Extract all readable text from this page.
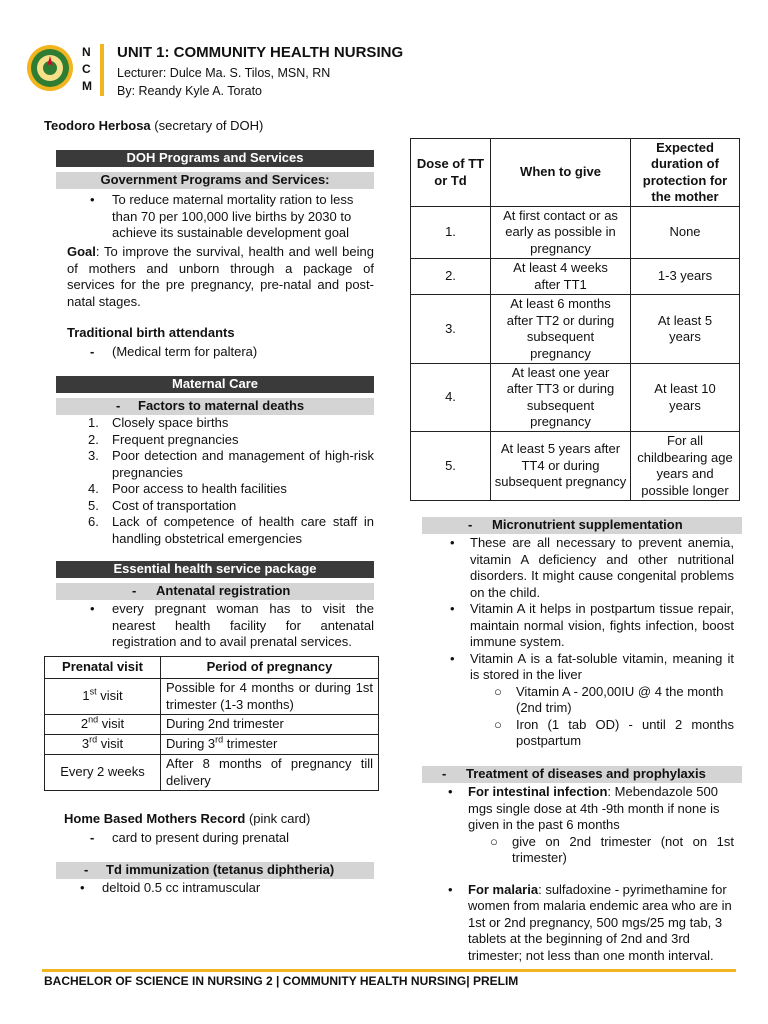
N
C
M
UNIT 1: COMMUNITY HEALTH NURSING
Lecturer: Dulce Ma. S. Tilos, MSN, RN
By: Reandy Kyle A. Torato
Teodoro Herbosa (secretary of DOH)
DOH Programs and Services
Government Programs and Services:
• To reduce maternal mortality ration to less than 70 per 100,000 live births by 2030 to achieve its sustainable development goal
Goal: To improve the survival, health and well being of mothers and unborn through a package of services for the pre pregnancy, pre-natal and post-natal stages.
Traditional birth attendants
- (Medical term for paltera)
Maternal Care
- Factors to maternal deaths
1. Closely space births
2. Frequent pregnancies
3. Poor detection and management of high-risk pregnancies
4. Poor access to health facilities
5. Cost of transportation
6. Lack of competence of health care staff in handling obstetrical emergencies
Essential health service package
- Antenatal registration
• every pregnant woman has to visit the nearest health facility for antenatal registration and to avail prenatal services.
Prenatal visit	Period of pregnancy
1st visit	Possible for 4 months or during 1st trimester (1-3 months)
2nd visit	During 2nd trimester
3rd visit	During 3rd trimester
Every 2 weeks	After 8 months of pregnancy till delivery
Home Based Mothers Record (pink card)
- card to present during prenatal
- Td immunization (tetanus diphtheria)
• deltoid 0.5 cc intramuscular
Dose of TT or Td	When to give	Expected duration of protection for the mother
1.	At first contact or as early as possible in pregnancy	None
2.	At least 4 weeks after TT1	1-3 years
3.	At least 6 months after TT2 or during subsequent pregnancy	At least 5 years
4.	At least one year after TT3 or during subsequent pregnancy	At least 10 years
5.	At least 5 years after TT4 or during subsequent pregnancy	For all childbearing age years and possible longer
- Micronutrient supplementation
• These are all necessary to prevent anemia, vitamin A deficiency and other nutritional disorders. It might cause congenital problems on the child.
• Vitamin A it helps in postpartum tissue repair, maintain normal vision, fights infection, boost immune system.
• Vitamin A is a fat-soluble vitamin, meaning it is stored in the liver
○ Vitamin A - 200,00IU @ 4 the month (2nd trim)
○ Iron (1 tab OD) - until 2 months postpartum
- Treatment of diseases and prophylaxis
• For intestinal infection: Mebendazole 500 mgs single dose at 4th -9th month if none is given in the past 6 months
○ give on 2nd trimester (not on 1st trimester)
• For malaria: sulfadoxine - pyrimethamine for women from malaria endemic area who are in 1st or 2nd pregnancy, 500 mgs/25 mg tab, 3 tablets at the beginning of 2nd and 3rd trimester; not less than one month interval.
BACHELOR OF SCIENCE IN NURSING 2 | COMMUNITY HEALTH NURSING| PRELIM
